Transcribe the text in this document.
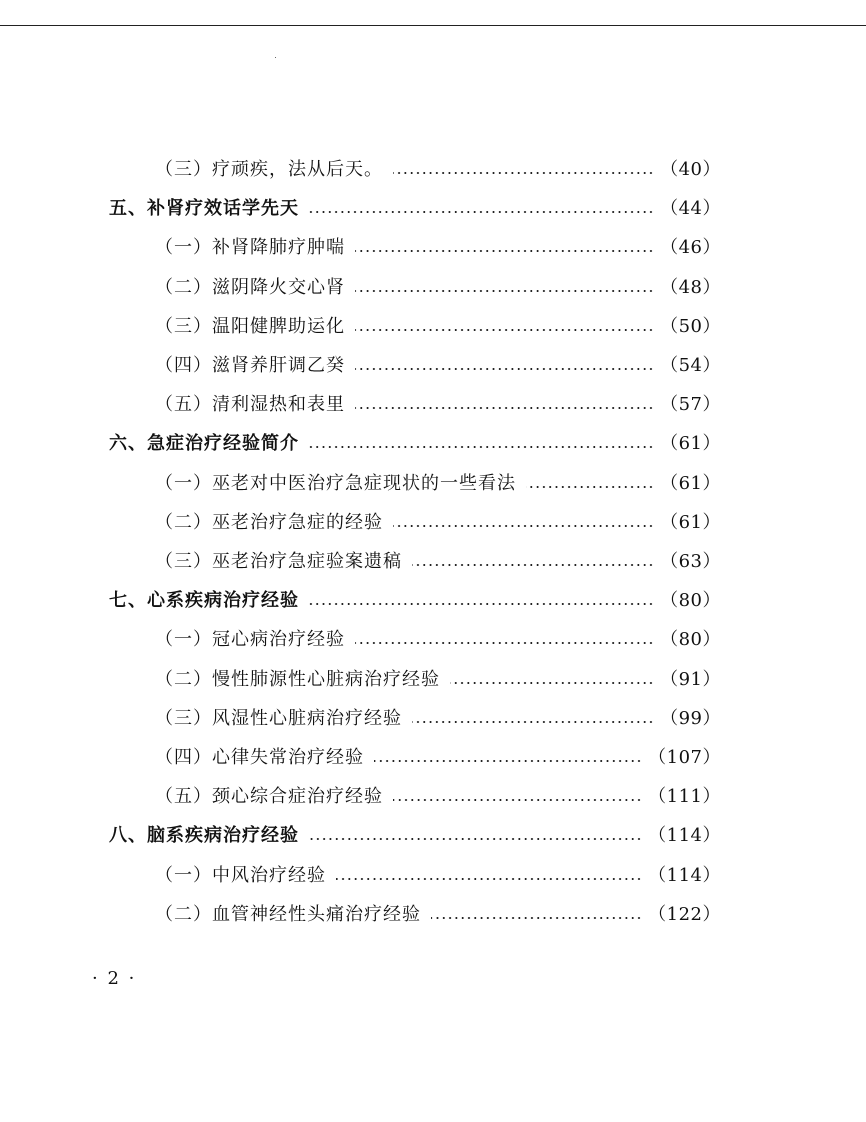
（三）疗顽疾，法从后天。	（40）
五、补肾疗效话学先天	（44）
（一）补肾降肺疗肿喘	（46）
（二）滋阴降火交心肾	（48）
（三）温阳健脾助运化	（50）
（四）滋肾养肝调乙癸	（54）
（五）清利湿热和表里	（57）
六、急症治疗经验简介	（61）
（一）巫老对中医治疗急症现状的一些看法	（61）
（二）巫老治疗急症的经验	（61）
（三）巫老治疗急症验案遗稿	（63）
七、心系疾病治疗经验	（80）
（一）冠心病治疗经验	（80）
（二）慢性肺源性心脏病治疗经验	（91）
（三）风湿性心脏病治疗经验	（99）
（四）心律失常治疗经验	（107）
（五）颈心综合症治疗经验	（111）
八、脑系疾病治疗经验	（114）
（一）中风治疗经验	（114）
（二）血管神经性头痛治疗经验	（122）
· 2 ·
